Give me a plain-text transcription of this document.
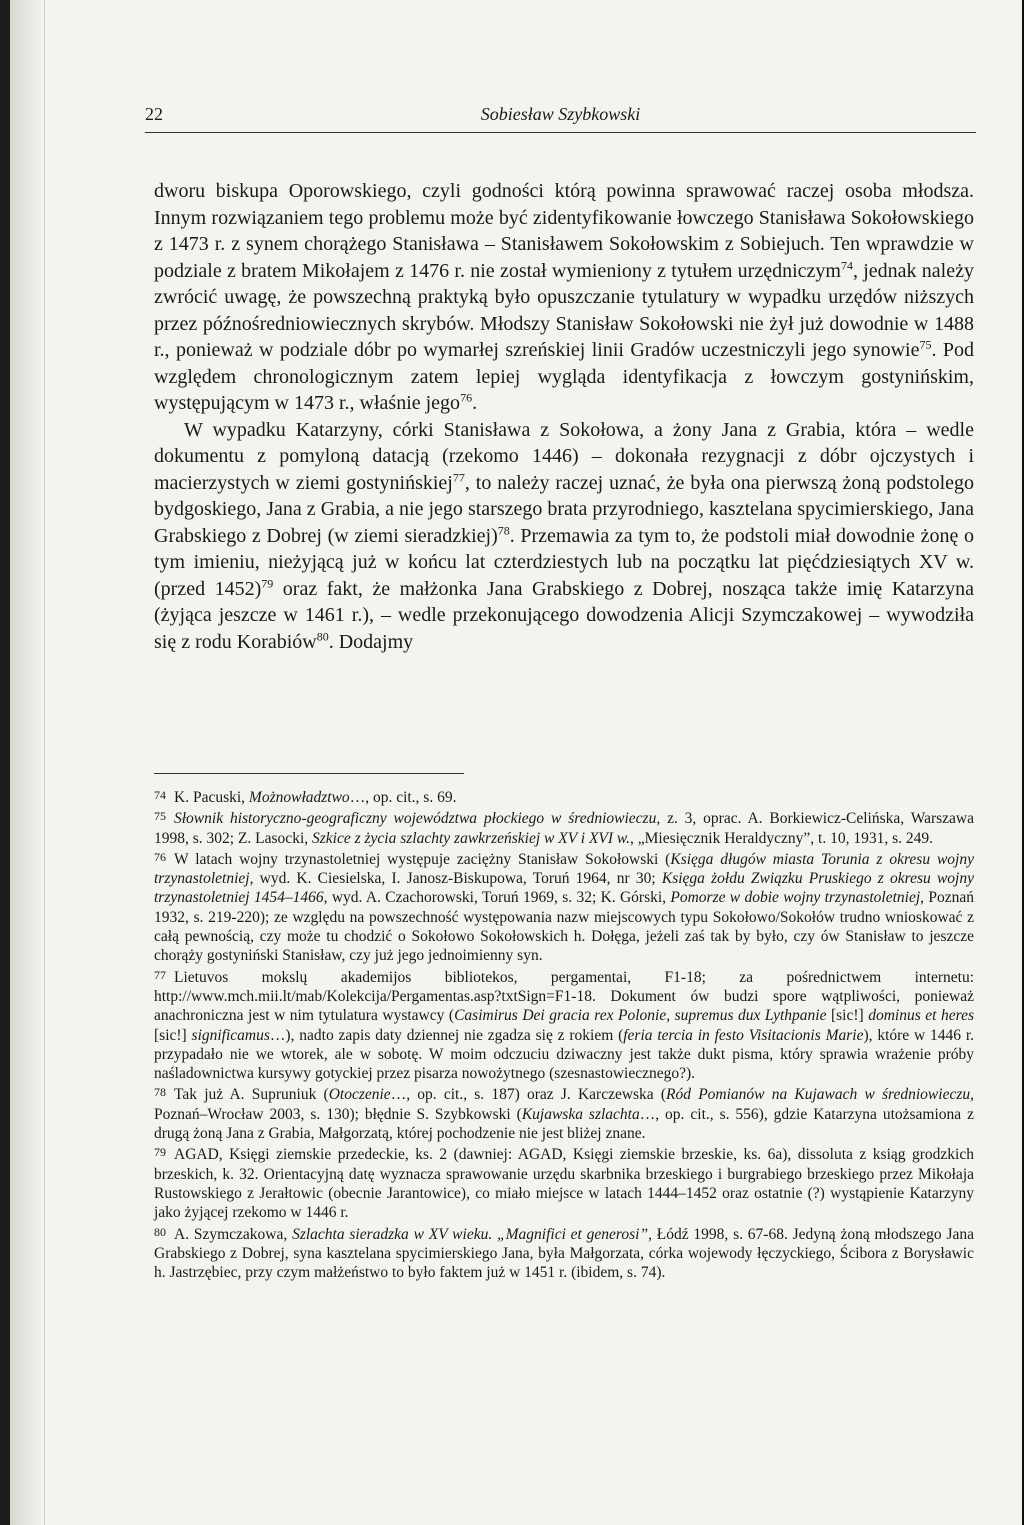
22	Sobiesław Szybkowski

dworu biskupa Oporowskiego, czyli godności którą powinna sprawować raczej osoba młodsza. Innym rozwiązaniem tego problemu może być zidentyfikowanie łowczego Stanisława Sokołowskiego z 1473 r. z synem chorążego Stanisława – Stanisławem Sokołowskim z Sobiejuch. Ten wprawdzie w podziale z bratem Mikołajem z 1476 r. nie został wymieniony z tytułem urzędniczym$^{74}$, jednak należy zwrócić uwagę, że powszechną praktyką było opuszczanie tytulatury w wypadku urzędów niższych przez późnośredniowiecznych skrybów. Młodszy Stanisław Sokołowski nie żył już dowodnie w 1488 r., ponieważ w podziale dóbr po wymarłej szreńskiej linii Gradów uczestniczyli jego synowie$^{75}$. Pod względem chronologicznym zatem lepiej wygląda identyfikacja z łowczym gostynińskim, występującym w 1473 r., właśnie jego$^{76}$.

W wypadku Katarzyny, córki Stanisława z Sokołowa, a żony Jana z Grabia, która – wedle dokumentu z pomyloną datacją (rzekomo 1446) – dokonała rezygnacji z dóbr ojczystych i macierzystych w ziemi gostynińskiej$^{77}$, to należy raczej uznać, że była ona pierwszą żoną podstolego bydgoskiego, Jana z Grabia, a nie jego starszego brata przyrodniego, kasztelana spycimierskiego, Jana Grabskiego z Dobrej (w ziemi sieradzkiej)$^{78}$. Przemawia za tym to, że podstoli miał dowodnie żonę o tym imieniu, nieżyjącą już w końcu lat czterdziestych lub na początku lat pięćdziesiątych XV w. (przed 1452)$^{79}$ oraz fakt, że małżonka Jana Grabskiego z Dobrej, nosząca także imię Katarzyna (żyjąca jeszcze w 1461 r.), – wedle przekonującego dowodzenia Alicji Szymczakowej – wywodziła się z rodu Korabiów$^{80}$. Dodajmy

74 K. Pacuski, Możnowładztwo…, op. cit., s. 69.

75 Słownik historyczno-geograficzny województwa płockiego w średniowieczu, z. 3, oprac. A. Borkiewicz-Celińska, Warszawa 1998, s. 302; Z. Lasocki, Szkice z życia szlachty zawkrzeńskiej w XV i XVI w., „Miesięcznik Heraldyczny”, t. 10, 1931, s. 249.

76 W latach wojny trzynastoletniej występuje zaciężny Stanisław Sokołowski (Księga długów miasta Torunia z okresu wojny trzynastoletniej, wyd. K. Ciesielska, I. Janosz-Biskupowa, Toruń 1964, nr 30; Księga żołdu Związku Pruskiego z okresu wojny trzynastoletniej 1454–1466, wyd. A. Czachorowski, Toruń 1969, s. 32; K. Górski, Pomorze w dobie wojny trzynastoletniej, Poznań 1932, s. 219-220); ze względu na powszechność występowania nazw miejscowych typu Sokołowo/Sokołów trudno wnioskować z całą pewnością, czy może tu chodzić o Sokołowo Sokołowskich h. Dołęga, jeżeli zaś tak by było, czy ów Stanisław to jeszcze chorąży gostyniński Stanisław, czy już jego jednoimienny syn.

77 Lietuvos mokslų akademijos bibliotekos, pergamentai, F1-18; za pośrednictwem internetu: http://www.mch.mii.lt/mab/Kolekcija/Pergamentas.asp?txtSign=F1-18. Dokument ów budzi spore wątpliwości, ponieważ anachroniczna jest w nim tytulatura wystawcy (Casimirus Dei gracia rex Polonie, supremus dux Lythpanie [sic!] dominus et heres [sic!] significamus…), nadto zapis daty dziennej nie zgadza się z rokiem (feria tercia in festo Visitacionis Marie), które w 1446 r. przypadało nie we wtorek, ale w sobotę. W moim odczuciu dziwaczny jest także dukt pisma, który sprawia wrażenie próby naśladownictwa kursywy gotyckiej przez pisarza nowożytnego (szesnastowiecznego?).

78 Tak już A. Supruniuk (Otoczenie…, op. cit., s. 187) oraz J. Karczewska (Ród Pomianów na Kujawach w średniowieczu, Poznań–Wrocław 2003, s. 130); błędnie S. Szybkowski (Kujawska szlachta…, op. cit., s. 556), gdzie Katarzyna utożsamiona z drugą żoną Jana z Grabia, Małgorzatą, której pochodzenie nie jest bliżej znane.

79 AGAD, Księgi ziemskie przedeckie, ks. 2 (dawniej: AGAD, Księgi ziemskie brzeskie, ks. 6a), dissoluta z ksiąg grodzkich brzeskich, k. 32. Orientacyjną datę wyznacza sprawowanie urzędu skarbnika brzeskiego i burgrabiego brzeskiego przez Mikołaja Rustowskiego z Jerałtowic (obecnie Jarantowice), co miało miejsce w latach 1444–1452 oraz ostatnie (?) wystąpienie Katarzyny jako żyjącej rzekomo w 1446 r.

80 A. Szymczakowa, Szlachta sieradzka w XV wieku. „Magnifici et generosi”, Łódź 1998, s. 67-68. Jedyną żoną młodszego Jana Grabskiego z Dobrej, syna kasztelana spycimierskiego Jana, była Małgorzata, córka wojewody łęczyckiego, Ścibora z Borysławic h. Jastrzębiec, przy czym małżeństwo to było faktem już w 1451 r. (ibidem, s. 74).
